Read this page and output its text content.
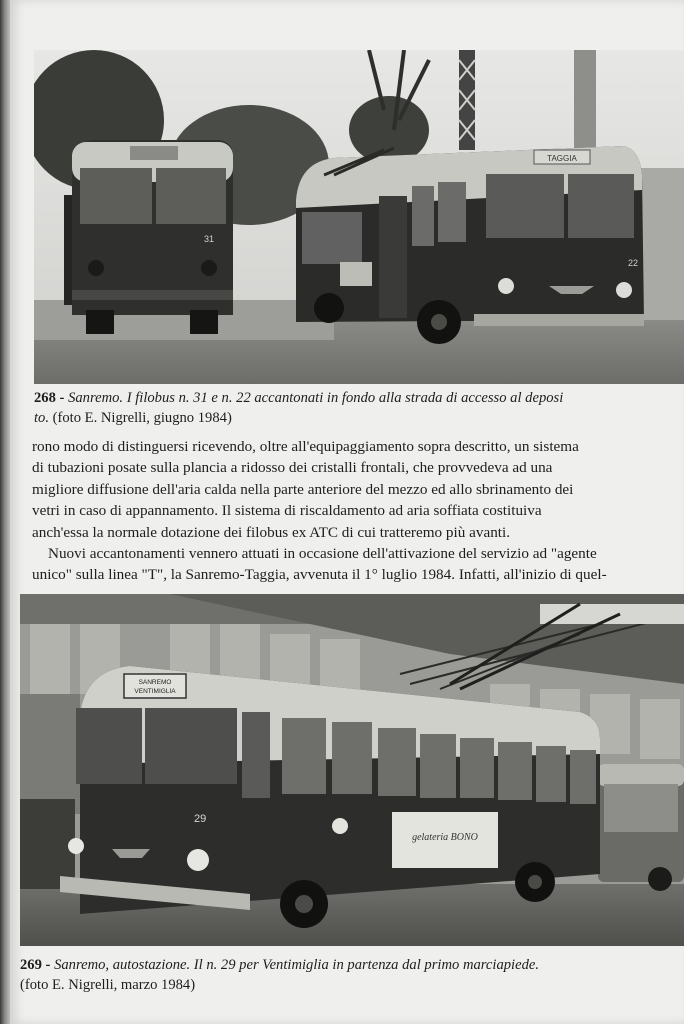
31
TAGGIA
22
268 - Sanremo. I filobus n. 31 e n. 22 accantonati in fondo alla strada di accesso al deposi
to. (foto E. Nigrelli, giugno 1984)
rono modo di distinguersi ricevendo, oltre all'equipaggiamento sopra descritto, un sistema
di tubazioni posate sulla plancia a ridosso dei cristalli frontali, che provvedeva ad una
migliore diffusione dell'aria calda nella parte anteriore del mezzo ed allo sbrinamento dei
vetri in caso di appannamento. Il sistema di riscaldamento ad aria soffiata costituiva
anch'essa la normale dotazione dei filobus ex ATC di cui tratteremo più avanti.
Nuovi accantonamenti vennero attuati in occasione dell'attivazione del servizio ad "agente
unico" sulla linea "T", la Sanremo-Taggia, avvenuta il 1° luglio 1984. Infatti, all'inizio di quel-
SANREMO
VENTIMIGLIA
gelateria BONO
29
269 - Sanremo, autostazione. Il n. 29 per Ventimiglia in partenza dal primo marciapiede.
(foto E. Nigrelli, marzo 1984)
